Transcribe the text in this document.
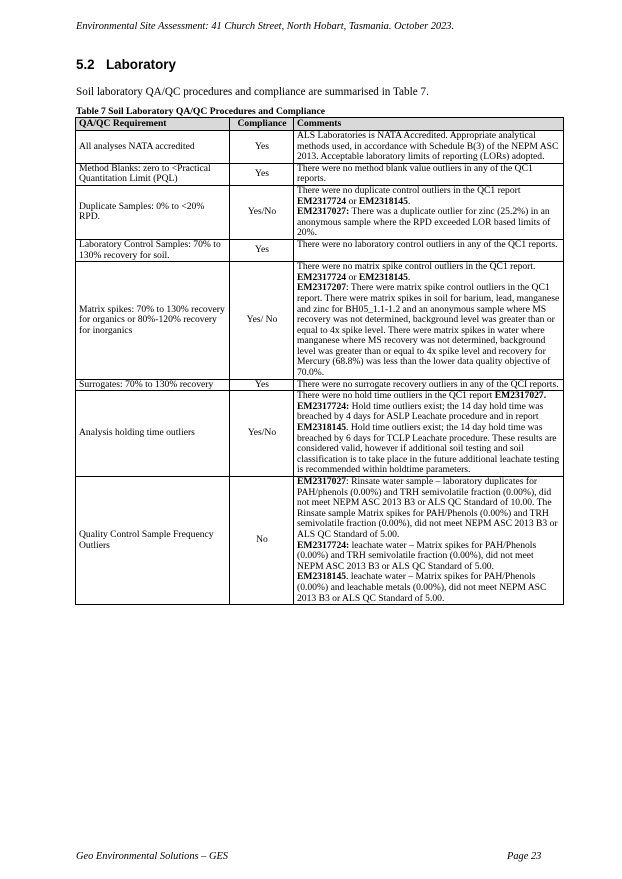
Environmental Site Assessment: 41 Church Street, North Hobart, Tasmania. October 2023.
5.2 Laboratory
Soil laboratory QA/QC procedures and compliance are summarised in Table 7.
Table 7 Soil Laboratory QA/QC Procedures and Compliance
QA/QC Requirement	Compliance	Comments
All analyses NATA accredited	Yes	ALS Laboratories is NATA Accredited. Appropriate analytical methods used, in accordance with Schedule B(3) of the NEPM ASC 2013. Acceptable laboratory limits of reporting (LORs) adopted.

Method Blanks: zero to <Practical Quantitation Limit (PQL)	Yes	There were no method blank value outliers in any of the QC1 reports.

Duplicate Samples: 0% to <20% RPD.	Yes/No	There were no duplicate control outliers in the QC1 report EM2317724 or EM2318145.
EM2317027: There was a duplicate outlier for zinc (25.2%) in an anonymous sample where the RPD exceeded LOR based limits of 20%.

Laboratory Control Samples: 70% to 130% recovery for soil.	Yes	There were no laboratory control outliers in any of the QC1 reports.

Matrix spikes: 70% to 130% recovery for organics or 80%-120% recovery for inorganics	Yes/ No	There were no matrix spike control outliers in the QC1 report. EM2317724 or EM2318145.
EM2317207: There were matrix spike control outliers in the QC1 report. There were matrix spikes in soil for barium, lead, manganese and zinc for BH05_1.1-1.2 and an anonymous sample where MS recovery was not determined, background level was greater than or equal to 4x spike level. There were matrix spikes in water where manganese where MS recovery was not determined, background level was greater than or equal to 4x spike level and recovery for Mercury (68.8%) was less than the lower data quality objective of 70.0%.

Surrogates: 70% to 130% recovery	Yes	There were no surrogate recovery outliers in any of the QCI reports.

Analysis holding time outliers	Yes/No	There were no hold time outliers in the QC1 report EM2317027.
EM2317724: Hold time outliers exist; the 14 day hold time was breached by 4 days for ASLP Leachate procedure and in report EM2318145. Hold time outliers exist; the 14 day hold time was breached by 6 days for TCLP Leachate procedure. These results are considered valid, however if additional soil testing and soil classification is to take place in the future additional leachate testing is recommended within holdtime parameters.

Quality Control Sample Frequency Outliers	No	EM2317027: Rinsate water sample – laboratory duplicates for PAH/phenols (0.00%) and TRH semivolatile fraction (0.00%), did not meet NEPM ASC 2013 B3 or ALS QC Standard of 10.00. The Rinsate sample Matrix spikes for PAH/Phenols (0.00%) and TRH semivolatile fraction (0.00%), did not meet NEPM ASC 2013 B3 or ALS QC Standard of 5.00.
EM2317724: leachate water – Matrix spikes for PAH/Phenols (0.00%) and TRH semivolatile fraction (0.00%), did not meet NEPM ASC 2013 B3 or ALS QC Standard of 5.00.
EM2318145. leachate water – Matrix spikes for PAH/Phenols (0.00%) and leachable metals (0.00%), did not meet NEPM ASC 2013 B3 or ALS QC Standard of 5.00.
Geo Environmental Solutions – GES	Page 23
